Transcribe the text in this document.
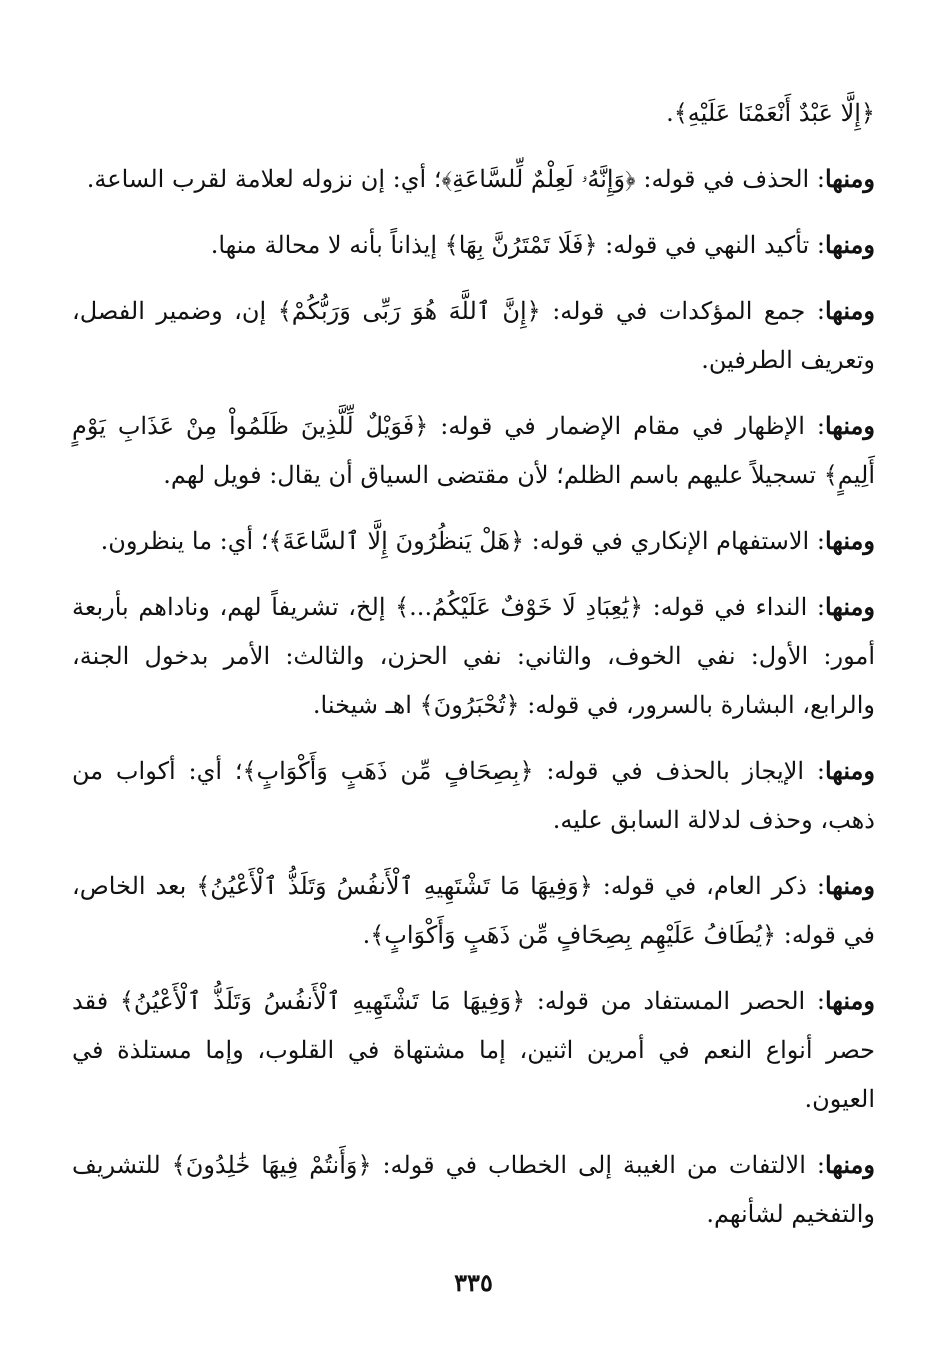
﴿إِلَّا عَبْدٌ أَنْعَمْنَا عَلَيْهِ﴾.

ومنها: الحذف في قوله: ﴿وَإِنَّهُۥ لَعِلْمٌ لِّلسَّاعَةِ﴾؛ أي: إن نزوله لعلامة لقرب الساعة.

ومنها: تأكيد النهي في قوله: ﴿فَلَا تَمْتَرُنَّ بِهَا﴾ إيذاناً بأنه لا محالة منها.

ومنها: جمع المؤكدات في قوله: ﴿إِنَّ ٱللَّهَ هُوَ رَبِّى وَرَبُّكُمْ﴾ إن، وضمير الفصل، وتعريف الطرفين.

ومنها: الإظهار في مقام الإضمار في قوله: ﴿فَوَيْلٌ لِّلَّذِينَ ظَلَمُواْ مِنْ عَذَابِ يَوْمٍ أَلِيمٍ﴾ تسجيلاً عليهم باسم الظلم؛ لأن مقتضى السياق أن يقال: فويل لهم.

ومنها: الاستفهام الإنكاري في قوله: ﴿هَلْ يَنظُرُونَ إِلَّا ٱلسَّاعَةَ﴾؛ أي: ما ينظرون.

ومنها: النداء في قوله: ﴿يَٰعِبَادِ لَا خَوْفٌ عَلَيْكُمُ...﴾ إلخ، تشريفاً لهم، وناداهم بأربعة أمور: الأول: نفي الخوف، والثاني: نفي الحزن، والثالث: الأمر بدخول الجنة، والرابع، البشارة بالسرور، في قوله: ﴿تُحْبَرُونَ﴾ اهـ شيخنا.

ومنها: الإيجاز بالحذف في قوله: ﴿بِصِحَافٍ مِّن ذَهَبٍ وَأَكْوَابٍ﴾؛ أي: أكواب من ذهب، وحذف لدلالة السابق عليه.

ومنها: ذكر العام، في قوله: ﴿وَفِيهَا مَا تَشْتَهِيهِ ٱلْأَنفُسُ وَتَلَذُّ ٱلْأَعْيُنُ﴾ بعد الخاص، في قوله: ﴿يُطَافُ عَلَيْهِم بِصِحَافٍ مِّن ذَهَبٍ وَأَكْوَابٍ﴾.

ومنها: الحصر المستفاد من قوله: ﴿وَفِيهَا مَا تَشْتَهِيهِ ٱلْأَنفُسُ وَتَلَذُّ ٱلْأَعْيُنُ﴾ فقد حصر أنواع النعم في أمرين اثنين، إما مشتهاة في القلوب، وإما مستلذة في العيون.

ومنها: الالتفات من الغيبة إلى الخطاب في قوله: ﴿وَأَنتُمْ فِيهَا خَٰلِدُونَ﴾ للتشريف والتفخيم لشأنهم.

٣٣٥
